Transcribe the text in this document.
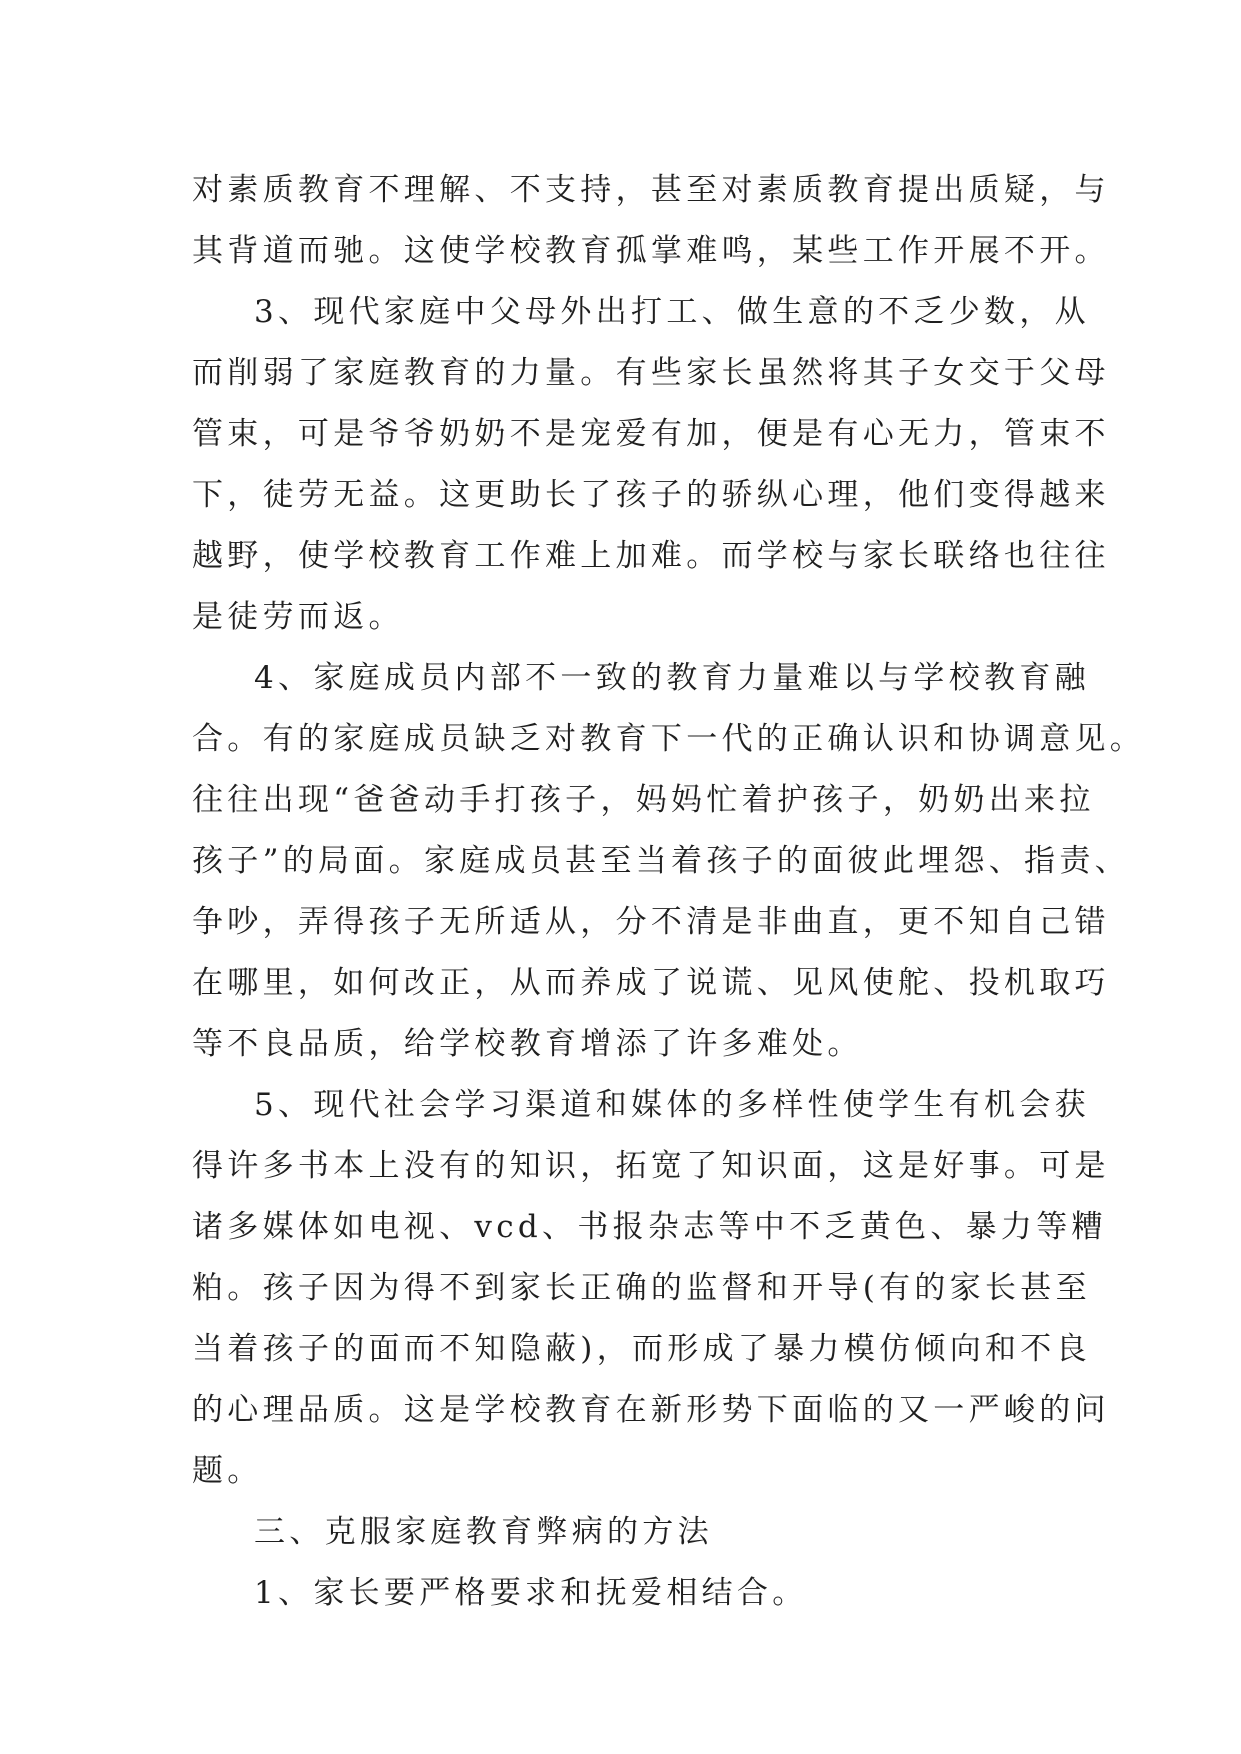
对素质教育不理解、不支持，甚至对素质教育提出质疑，与
其背道而驰。这使学校教育孤掌难鸣，某些工作开展不开。
3、现代家庭中父母外出打工、做生意的不乏少数，从
而削弱了家庭教育的力量。有些家长虽然将其子女交于父母
管束，可是爷爷奶奶不是宠爱有加，便是有心无力，管束不
下，徒劳无益。这更助长了孩子的骄纵心理，他们变得越来
越野，使学校教育工作难上加难。而学校与家长联络也往往
是徒劳而返。
4、家庭成员内部不一致的教育力量难以与学校教育融
合。有的家庭成员缺乏对教育下一代的正确认识和协调意见。
往往出现“爸爸动手打孩子，妈妈忙着护孩子，奶奶出来拉
孩子”的局面。家庭成员甚至当着孩子的面彼此埋怨、指责、
争吵，弄得孩子无所适从，分不清是非曲直，更不知自己错
在哪里，如何改正，从而养成了说谎、见风使舵、投机取巧
等不良品质，给学校教育增添了许多难处。
5、现代社会学习渠道和媒体的多样性使学生有机会获
得许多书本上没有的知识，拓宽了知识面，这是好事。可是
诸多媒体如电视、vcd、书报杂志等中不乏黄色、暴力等糟
粕。孩子因为得不到家长正确的监督和开导(有的家长甚至
当着孩子的面而不知隐蔽)，而形成了暴力模仿倾向和不良
的心理品质。这是学校教育在新形势下面临的又一严峻的问
题。
三、克服家庭教育弊病的方法
1、家长要严格要求和抚爱相结合。
